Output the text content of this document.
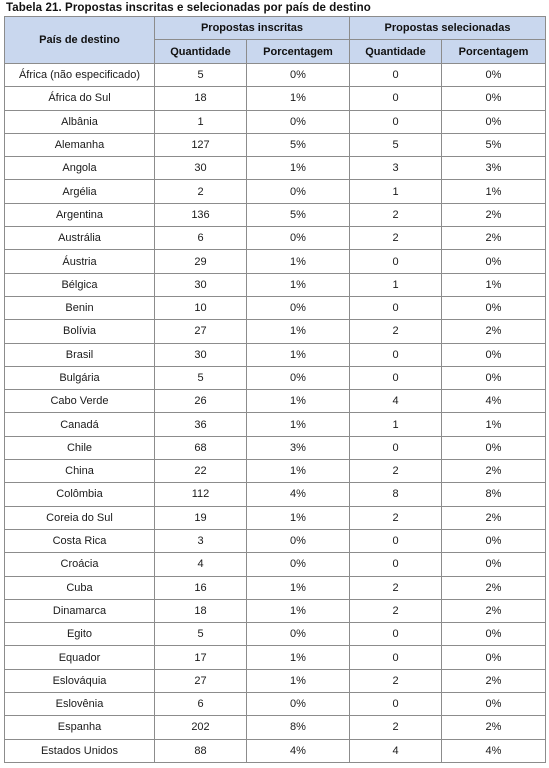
Tabela 21. Propostas inscritas e selecionadas por país de destino
País de destino	Propostas inscritas		Propostas selecionadas	
	Quantidade	Porcentagem	Quantidade	Porcentagem
África (não especificado)	5	0%	0	0%
África do Sul	18	1%	0	0%
Albânia	1	0%	0	0%
Alemanha	127	5%	5	5%
Angola	30	1%	3	3%
Argélia	2	0%	1	1%
Argentina	136	5%	2	2%
Austrália	6	0%	2	2%
Áustria	29	1%	0	0%
Bélgica	30	1%	1	1%
Benin	10	0%	0	0%
Bolívia	27	1%	2	2%
Brasil	30	1%	0	0%
Bulgária	5	0%	0	0%
Cabo Verde	26	1%	4	4%
Canadá	36	1%	1	1%
Chile	68	3%	0	0%
China	22	1%	2	2%
Colômbia	112	4%	8	8%
Coreia do Sul	19	1%	2	2%
Costa Rica	3	0%	0	0%
Croácia	4	0%	0	0%
Cuba	16	1%	2	2%
Dinamarca	18	1%	2	2%
Egito	5	0%	0	0%
Equador	17	1%	0	0%
Eslováquia	27	1%	2	2%
Eslovênia	6	0%	0	0%
Espanha	202	8%	2	2%
Estados Unidos	88	4%	4	4%
